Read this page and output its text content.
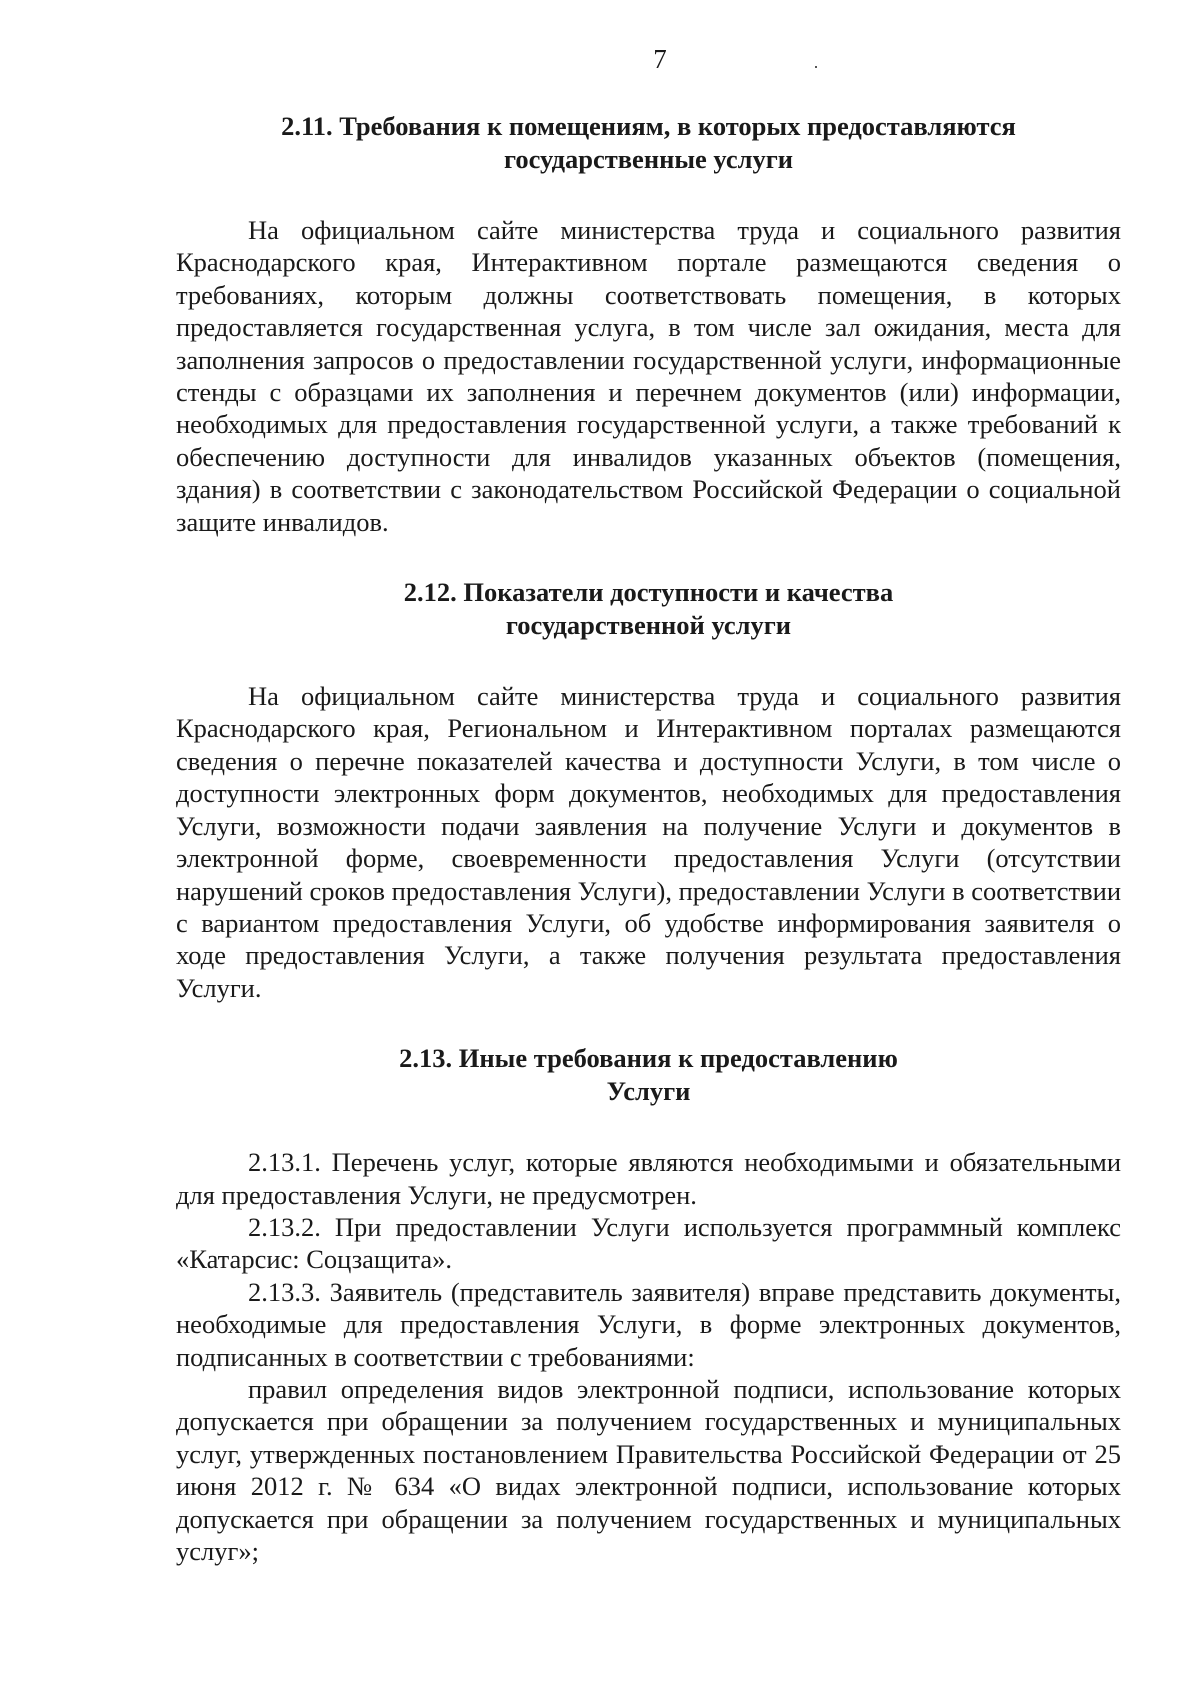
7
2.11. Требования к помещениям, в которых предоставляются
государственные услуги

На официальном сайте министерства труда и социального развития Краснодарского края, Интерактивном портале размещаются сведения о требованиях, которым должны соответствовать помещения, в которых предоставляется государственная услуга, в том числе зал ожидания, места для заполнения запросов о предоставлении государственной услуги, информационные стенды с образцами их заполнения и перечнем документов (или) информации, необходимых для предоставления государственной услуги, а также требований к обеспечению доступности для инвалидов указанных объектов (помещения, здания) в соответствии с законодательством Российской Федерации о социальной защите инвалидов.

2.12. Показатели доступности и качества
государственной услуги

На официальном сайте министерства труда и социального развития Краснодарского края, Региональном и Интерактивном порталах размещаются сведения о перечне показателей качества и доступности Услуги, в том числе о доступности электронных форм документов, необходимых для предоставления Услуги, возможности подачи заявления на получение Услуги и документов в электронной форме, своевременности предоставления Услуги (отсутствии нарушений сроков предоставления Услуги), предоставлении Услуги в соответствии с вариантом предоставления Услуги, об удобстве информирования заявителя о ходе предоставления Услуги, а также получения результата предоставления Услуги.

2.13. Иные требования к предоставлению
Услуги

2.13.1. Перечень услуг, которые являются необходимыми и обязательными для предоставления Услуги, не предусмотрен.

2.13.2. При предоставлении Услуги используется программный комплекс «Катарсис: Соцзащита».

2.13.3. Заявитель (представитель заявителя) вправе представить документы, необходимые для предоставления Услуги, в форме электронных документов, подписанных в соответствии с требованиями:

правил определения видов электронной подписи, использование которых допускается при обращении за получением государственных и муниципальных услуг, утвержденных постановлением Правительства Российской Федерации от 25 июня 2012 г. № 634 «О видах электронной подписи, использование которых допускается при обращении за получением государственных и муниципальных услуг»;
